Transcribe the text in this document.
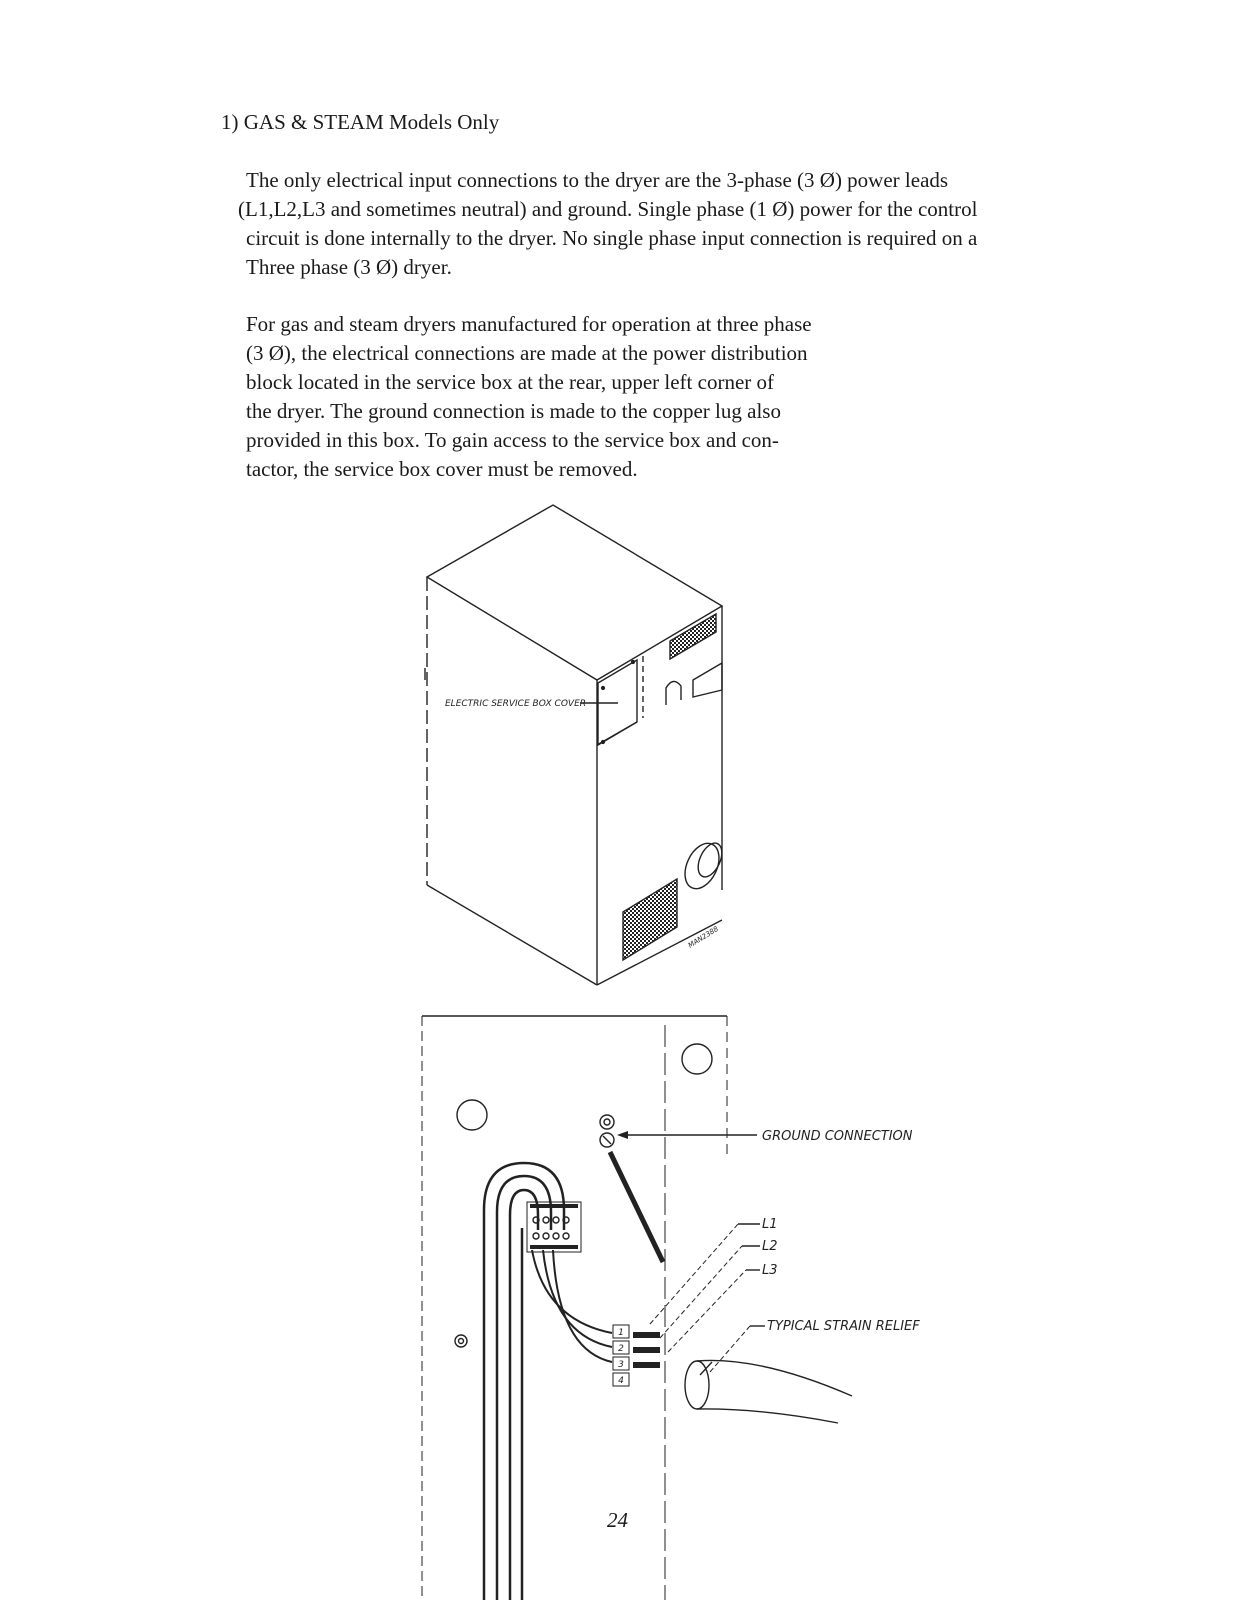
1) GAS & STEAM Models Only

The only electrical input connections to the dryer are the 3-phase (3 Ø) power leads
(L1,L2,L3 and sometimes neutral) and ground. Single phase (1 Ø) power for the control
circuit is done internally to the dryer. No single phase input connection is required on a
Three phase (3 Ø) dryer.

For gas and steam dryers manufactured for operation at three phase
(3 Ø), the electrical connections are made at the power distribution
block located in the service box at the rear, upper left corner of
the dryer. The ground connection is made to the copper lug also
provided in this box. To gain access to the service box and con-
tactor, the service box cover must be removed.

ELECTRIC SERVICE BOX COVER
MAN2388
GROUND CONNECTION
L1
L2
L3
TYPICAL STRAIN RELIEF
1
2
3
4
24
